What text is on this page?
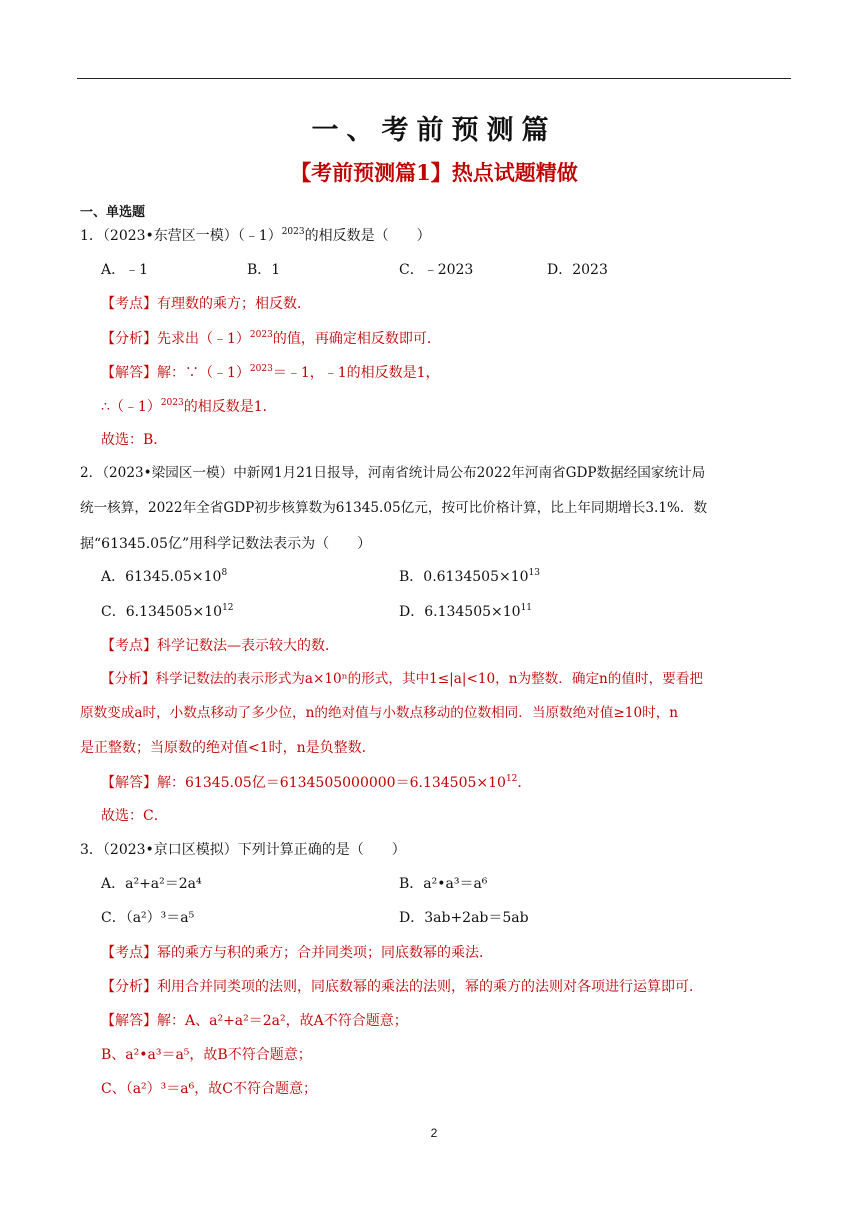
一、考前预测篇
【考前预测篇1】热点试题精做
一、单选题
1．（2023•东营区一模）（﹣1）$^{2023}$的相反数是（　　）
A．﹣1	B．1	C．﹣2023	D．2023
【考点】有理数的乘方；相反数．
【分析】先求出（﹣1）$^{2023}$的值，再确定相反数即可．
【解答】解：∵（﹣1）$^{2023}$＝﹣1，﹣1的相反数是1，
∴（﹣1）$^{2023}$的相反数是1．
故选：B．
2．（2023•梁园区一模）中新网1月21日报导，河南省统计局公布2022年河南省GDP数据经国家统计局
统一核算，2022年全省GDP初步核算数为61345.05亿元，按可比价格计算，比上年同期增长3.1%．数
据“61345.05亿”用科学记数法表示为（　　）
A．$61345.05\times 10^8$	B．$0.6134505\times 10^{13}$
C．$6.134505\times 10^{12}$	D．$6.134505\times 10^{11}$
【考点】科学记数法—表示较大的数．
【分析】科学记数法的表示形式为a×10ⁿ的形式，其中1≤|a|<10，n为整数．确定n的值时，要看把
原数变成a时，小数点移动了多少位，n的绝对值与小数点移动的位数相同．当原数绝对值≥10时，n
是正整数；当原数的绝对值<1时，n是负整数．
【解答】解：61345.05亿$=6134505000000=6.134505\times 10^{12}$．
故选：C．
3．（2023•京口区模拟）下列计算正确的是（　　）
A．a²+a²＝2a⁴	B．a²•a³＝a⁶
C．（a²）³＝a⁵	D．3ab+2ab＝5ab
【考点】幂的乘方与积的乘方；合并同类项；同底数幂的乘法．
【分析】利用合并同类项的法则，同底数幂的乘法的法则，幂的乘方的法则对各项进行运算即可．
【解答】解：A、a²+a²＝2a²，故A不符合题意；
B、a²•a³＝a⁵，故B不符合题意；
C、（a²）³＝a⁶，故C不符合题意；
2
